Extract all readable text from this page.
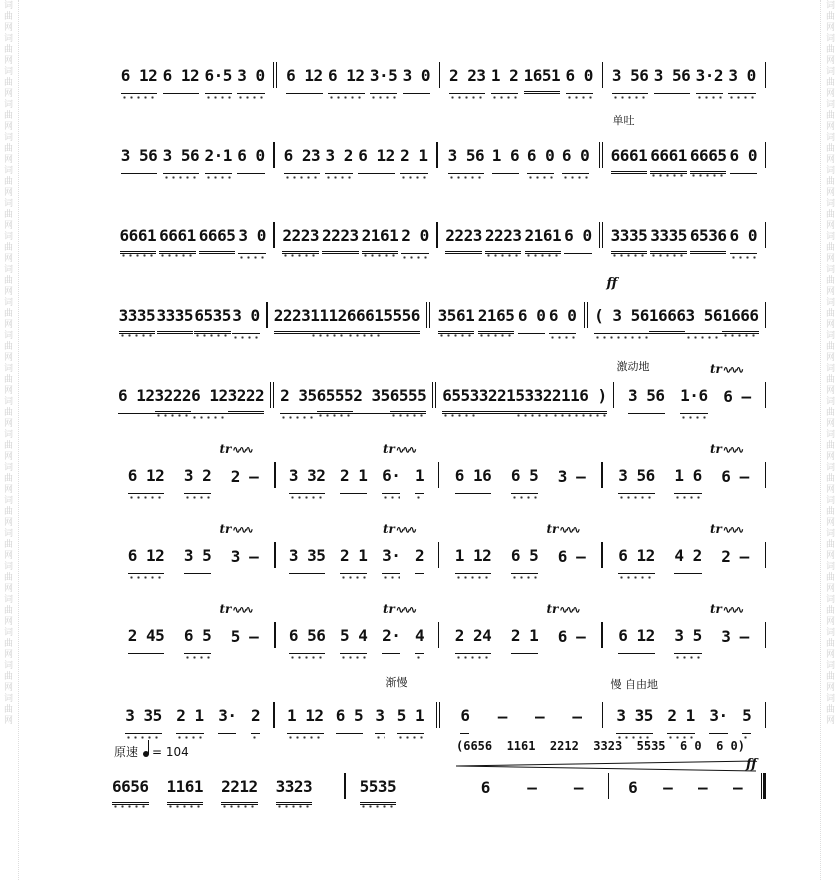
词曲网词曲网词曲网词曲网词曲网词曲网词曲网词曲网词曲网词曲网词曲网词曲网词曲网词曲网词曲网词曲网词曲网词曲网词曲网词曲网词曲网词曲网	词曲网词曲网词曲网词曲网词曲网词曲网词曲网词曲网词曲网词曲网词曲网词曲网词曲网词曲网词曲网词曲网词曲网词曲网词曲网词曲网词曲网词曲网
6 12 6 12 6·5 3 0 6 12 6 12 3·5 3 0 2 23 1 2 1651 6 0 3 56 3 56 3·2 3 0
3 56 3 56 2·1 6 0 6 23 3 2 6 12 2 1 3 56 1 6 6 0 6 0 6661 6661 6665 6 0
单吐
6661 6661 6665 3 0 2223 2223 2161 2 0 2223 2223 2161 6 0 3335 3335 6536 6 0
3335 3335 6535 3 0 2223 1112 6661 5556 3561 2165 6 0 6 0 ( 3 56 1666 3 56 1666
ff
6 12 3222 6 12 3222 2 35 6555 2 35 6555 6553 3221 5332 2116 ) 3 56 1·6 6 –
激动地	tr ∿∿∿
6 12 3 2 2 – 3 32 2 1 6· 1 6 16 6 5 3 – 3 56 1 6 6 –
tr ∿∿∿	tr ∿∿∿	tr ∿∿∿
6 12 3 5 3 – 3 35 2 1 3· 2 1 12 6 5 6 – 6 12 4 2 2 –
tr ∿∿∿	tr ∿∿∿	tr ∿∿∿	tr ∿∿∿
2 45 6 5 5 – 6 56 5 4 2· 4 2 24 2 1 6 – 6 12 3 5 3 –
tr ∿∿∿	tr ∿∿∿	tr ∿∿∿	tr ∿∿∿
3 35 2 1 3· 2 1 12 6 5 3 5 1 6 – – – 3 35 2 1 3· 5
渐慢	慢 自由地
原速 = 104	(6656  1161  2212  3323  5535  6 0  6 0)
ff
6656 1161 2212 3323	5535	6 – –	6 – – –
